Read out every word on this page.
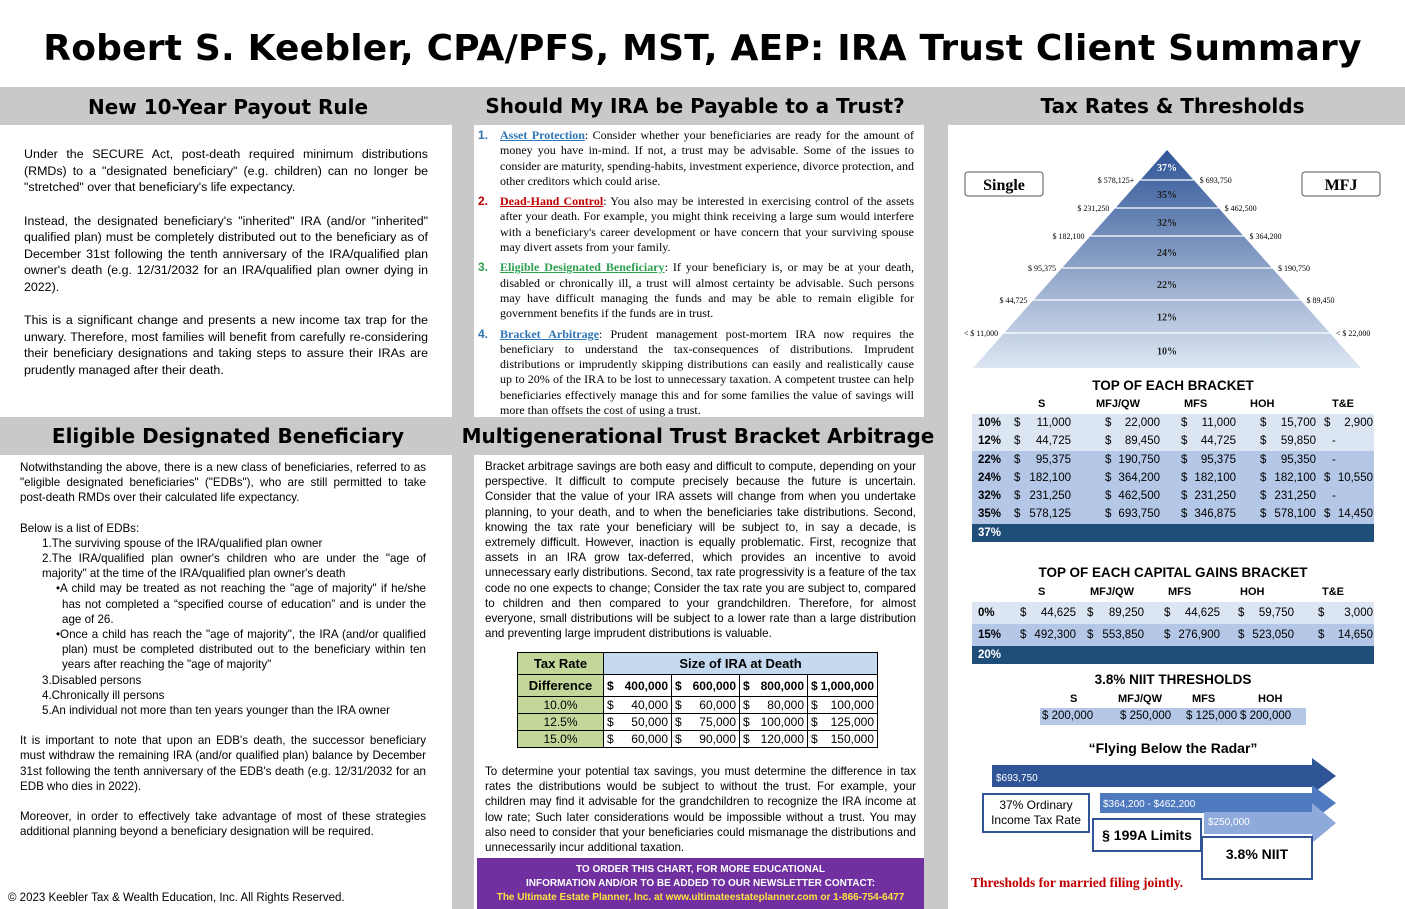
Robert S. Keebler, CPA/PFS, MST, AEP: IRA Trust Client Summary
New 10-Year Payout Rule	Should My IRA be Payable to a Trust?	Tax Rates & Thresholds
Eligible Designated Beneficiary	Multigenerational Trust Bracket Arbitrage

Under the SECURE Act, post-death required minimum distributions (RMDs) to a "designated beneficiary" (e.g. children) can no longer be "stretched" over that beneficiary's life expectancy.

Instead, the designated beneficiary's "inherited" IRA (and/or "inherited" qualified plan) must be completely distributed out to the beneficiary as of December 31st following the tenth anniversary of the IRA/qualified plan owner's death (e.g. 12/31/2032 for an IRA/qualified plan owner dying in 2022).

This is a significant change and presents a new income tax trap for the unwary. Therefore, most families will benefit from carefully re-considering their beneficiary designations and taking steps to assure their IRAs are prudently managed after their death.

1. Asset Protection: Consider whether your beneficiaries are ready for the amount of money you have in-mind. If not, a trust may be advisable. Some of the issues to consider are maturity, spending-habits, investment experience, divorce protection, and other creditors which could arise.
2. Dead-Hand Control: You also may be interested in exercising control of the assets after your death. For example, you might think receiving a large sum would interfere with a beneficiary's career development or have concern that your surviving spouse may divert assets from your family.
3. Eligible Designated Beneficiary: If your beneficiary is, or may be at your death, disabled or chronically ill, a trust will almost certainty be advisable. Such persons may have difficult managing the funds and may be able to remain eligible for government benefits if the funds are in trust.
4. Bracket Arbitrage: Prudent management post-mortem IRA now requires the beneficiary to understand the tax-consequences of distributions. Imprudent distributions or imprudently skipping distributions can easily and realistically cause up to 20% of the IRA to be lost to unnecessary taxation. A competent trustee can help beneficiaries effectively manage this and for some families the value of savings will more than offsets the cost of using a trust.

Notwithstanding the above, there is a new class of beneficiaries, referred to as "eligible designated beneficiaries" ("EDBs"), who are still permitted to take post-death RMDs over their calculated life expectancy.

Below is a list of EDBs:
1.The surviving spouse of the IRA/qualified plan owner
2.The IRA/qualified plan owner's children who are under the "age of majority" at the time of the IRA/qualified plan owner's death
•A child may be treated as not reaching the "age of majority" if he/she has not completed a “specified course of education” and is under the age of 26.
•Once a child has reach the "age of majority", the IRA (and/or qualified plan) must be completed distributed out to the beneficiary within ten years after reaching the "age of majority"
3.Disabled persons
4.Chronically ill persons
5.An individual not more than ten years younger than the IRA owner

It is important to note that upon an EDB's death, the successor beneficiary must withdraw the remaining IRA (and/or qualified plan) balance by December 31st following the tenth anniversary of the EDB's death (e.g. 12/31/2032 for an EDB who dies in 2022).

Moreover, in order to effectively take advantage of most of these strategies additional planning beyond a beneficiary designation will be required.

Bracket arbitrage savings are both easy and difficult to compute, depending on your perspective. It difficult to compute precisely because the future is uncertain. Consider that the value of your IRA assets will change from when you undertake planning, to your death, and to when the beneficiaries take distributions. Second, knowing the tax rate your beneficiary will be subject to, in say a decade, is extremely difficult. However, inaction is equally problematic. First, recognize that assets in an IRA grow tax-deferred, which provides an incentive to avoid unnecessary early distributions. Second, tax rate progressivity is a feature of the tax code no one expects to change; Consider the tax rate you are subject to, compared to children and then compared to your grandchildren. Therefore, for almost everyone, small distributions will be subject to a lower rate than a large distribution and preventing large imprudent distributions is valuable.
Tax Rate	Size of IRA at Death			
Difference	$ 400,000	$ 600,000	$ 800,000	$ 1,000,000

10.0%	$ 40,000	$ 60,000	$ 80,000	$ 100,000

12.5%	$ 50,000	$ 75,000	$ 100,000	$ 125,000

15.0%	$ 60,000	$ 90,000	$ 120,000	$ 150,000
To determine your potential tax savings, you must determine the difference in tax rates the distributions would be subject to without the trust. For example, your children may find it advisable for the grandchildren to recognize the IRA income at low rate; Such later considerations would be impossible without a trust. You may also need to consider that your beneficiaries could mismanage the distributions and unnecessarily incur additional taxation.
TO ORDER THIS CHART, FOR MORE EDUCATIONAL
INFORMATION AND/OR TO BE ADDED TO OUR NEWSLETTER CONTACT:
The Ultimate Estate Planner, Inc. at www.ultimateestateplanner.com or 1-866-754-6477
© 2023 Keebler Tax & Wealth Education, Inc. All Rights Reserved.
37%
35%
32%
24%
22%
12%
10%
$ 578,125+
$ 231,250
$ 182,100
$ 95,375
$ 44,725
< $ 11,000
$ 693,750
$ 462,500
$ 364,200
$ 190,750
$ 89,450
< $ 22,000
Single	MFJ
TOP OF EACH BRACKET
S	MFJ/QW	MFS	HOH	T&E
10% $ 11,000	$ 22,000 $ 11,000 $ 15,700 $ 2,900
12% $ 44,725	$ 89,450 $ 44,725 $ 59,850 -
22% $ 95,375	$ 190,750 $ 95,375 $ 95,350 -
24% $ 182,100	$ 364,200 $ 182,100 $ 182,100 $ 10,550
32% $ 231,250	$ 462,500 $ 231,250 $ 231,250 -
35% $ 578,125	$ 693,750 $ 346,875 $ 578,100 $ 14,450
37%
TOP OF EACH CAPITAL GAINS BRACKET
S	MFJ/QW	MFS	HOH	T&E
0% $ 44,625 $ 89,250 $ 44,625 $ 59,750 $ 3,000
15% $ 492,300 $ 553,850 $ 276,900 $ 523,050 $ 14,650
20%
3.8% NIIT THRESHOLDS
S	MFJ/QW	MFS	HOH
$ 200,000 $ 250,000 $ 125,000 $ 200,000
“Flying Below the Radar”
$693,750
$364,200 - $462,200
$250,000
37% Ordinary Income Tax Rate
§ 199A Limits
3.8% NIIT
Thresholds for married filing jointly.
